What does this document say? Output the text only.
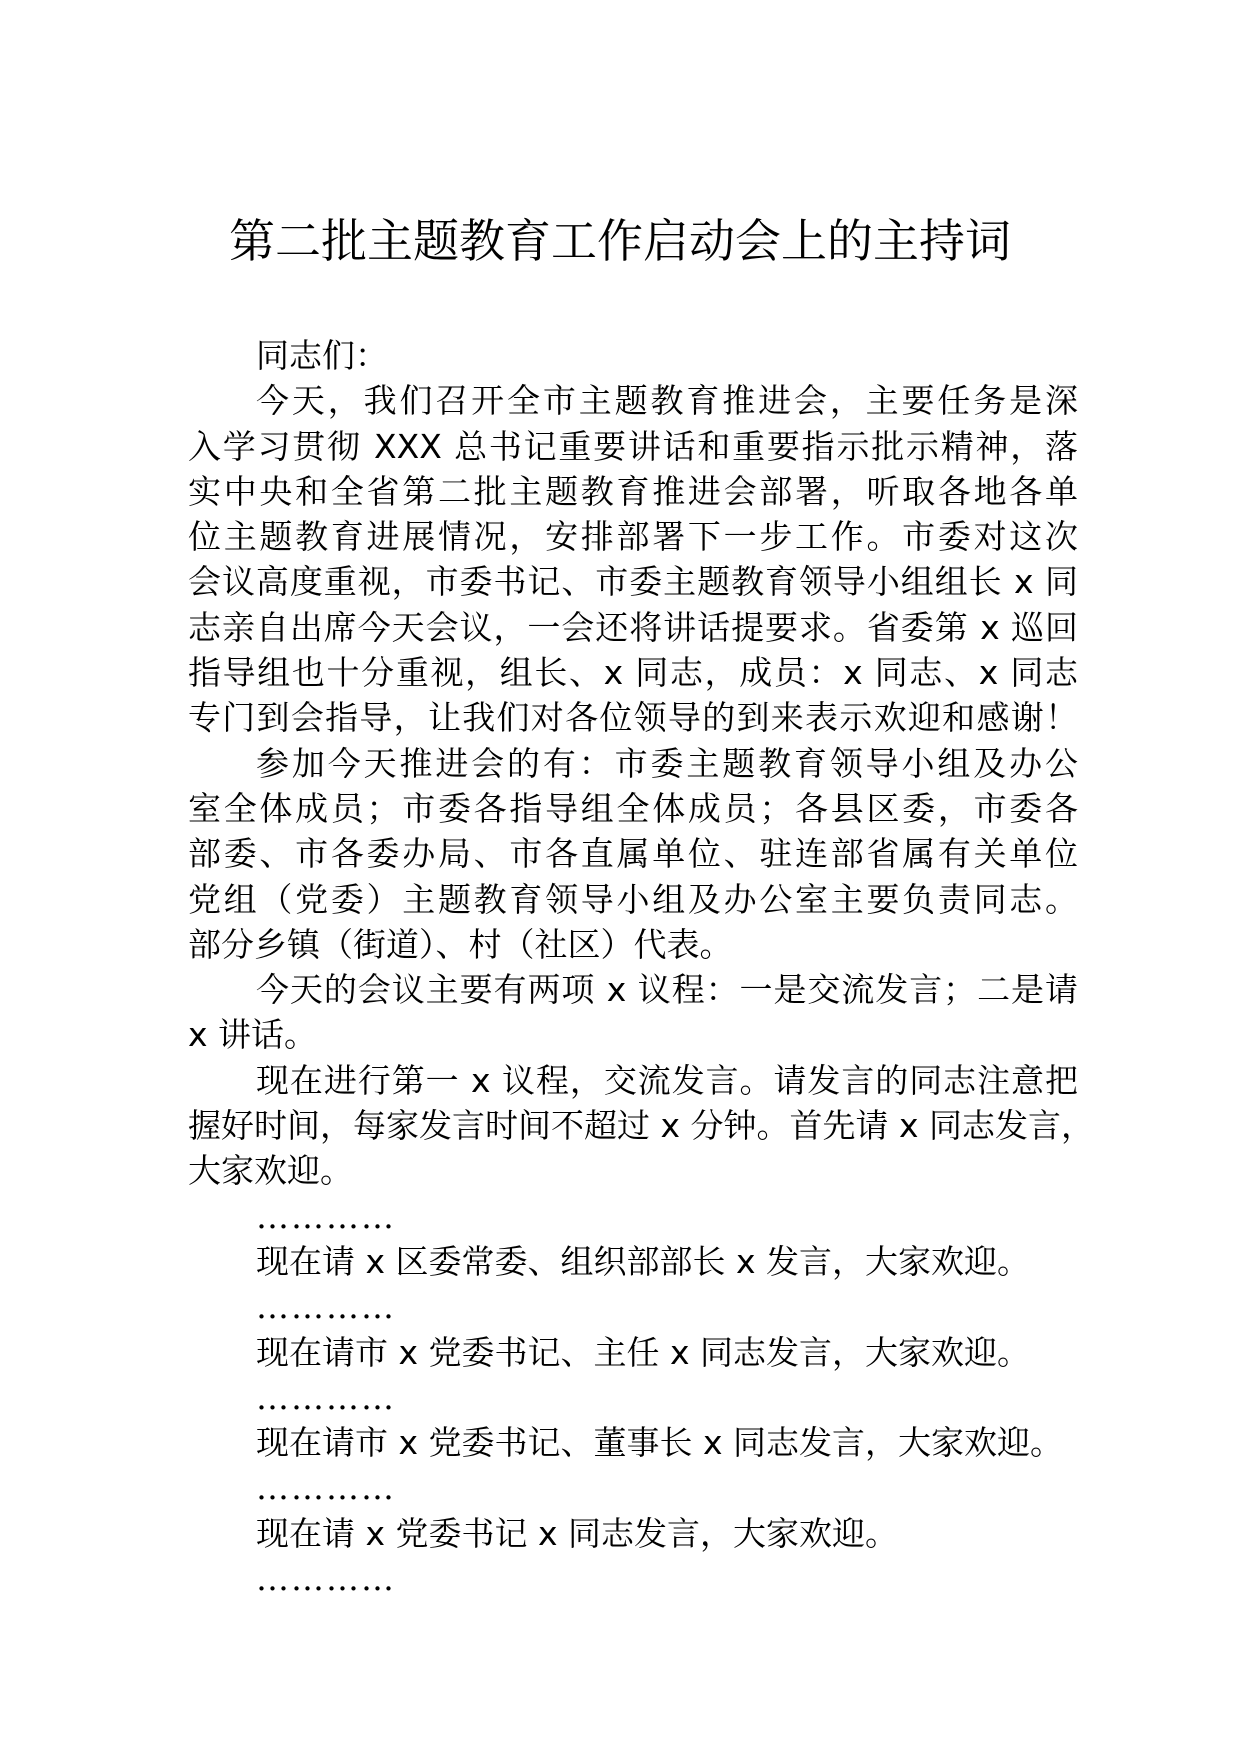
第二批主题教育工作启动会上的主持词
同志们：
今天，我们召开全市主题教育推进会，主要任务是深
入学习贯彻 XXX 总书记重要讲话和重要指示批示精神，落
实中央和全省第二批主题教育推进会部署，听取各地各单
位主题教育进展情况，安排部署下一步工作。市委对这次
会议高度重视，市委书记、市委主题教育领导小组组长 x 同
志亲自出席今天会议，一会还将讲话提要求。省委第 x 巡回
指导组也十分重视，组长、x 同志，成员：x 同志、x 同志
专门到会指导，让我们对各位领导的到来表示欢迎和感谢！
参加今天推进会的有：市委主题教育领导小组及办公
室全体成员；市委各指导组全体成员；各县区委，市委各
部委、市各委办局、市各直属单位、驻连部省属有关单位
党组（党委）主题教育领导小组及办公室主要负责同志。
部分乡镇（街道）、村（社区）代表。
今天的会议主要有两项 x 议程：一是交流发言；二是请
x 讲话。
现在进行第一 x 议程，交流发言。请发言的同志注意把
握好时间，每家发言时间不超过 x 分钟。首先请 x 同志发言，
大家欢迎。
…………
现在请 x 区委常委、组织部部长 x 发言，大家欢迎。
…………
现在请市 x 党委书记、主任 x 同志发言，大家欢迎。
…………
现在请市 x 党委书记、董事长 x 同志发言，大家欢迎。
…………
现在请 x 党委书记 x 同志发言，大家欢迎。
…………
